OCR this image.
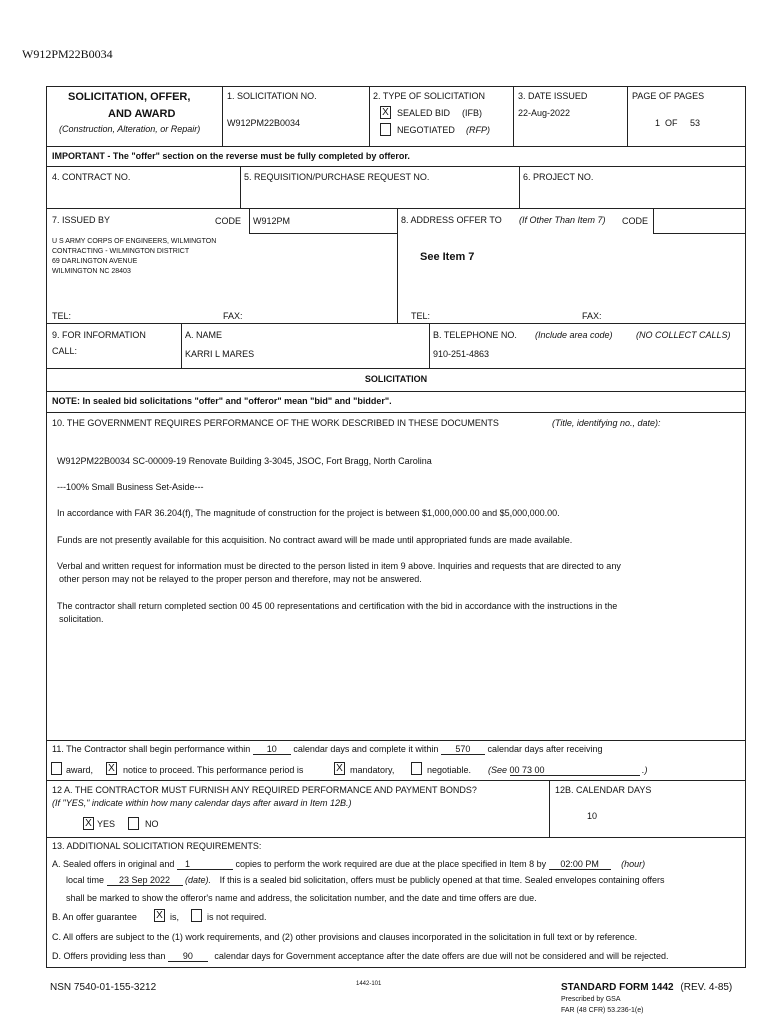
W912PM22B0034
SOLICITATION, OFFER,
AND AWARD
(Construction, Alteration, or Repair)
1. SOLICITATION NO.
W912PM22B0034
2. TYPE OF SOLICITATION
X SEALED BID (IFB)
NEGOTIATED (RFP)
3. DATE ISSUED
22-Aug-2022
PAGE OF PAGES
1  OF     53
IMPORTANT - The "offer" section on the reverse must be fully completed by offeror.
4. CONTRACT NO.	5. REQUISITION/PURCHASE REQUEST NO.	6. PROJECT NO.
7. ISSUED BY	CODE W912PM
U S ARMY CORPS OF ENGINEERS, WILMINGTON
CONTRACTING - WILMINGTON DISTRICT
69 DARLINGTON AVENUE
WILMINGTON NC 28403
TEL:	FAX:
8. ADDRESS OFFER TO (If Other Than Item 7) CODE
See Item 7
TEL:	FAX:
9. FOR INFORMATION
CALL:
A. NAME
KARRI L MARES
B. TELEPHONE NO. (Include area code)	(NO COLLECT CALLS)
910-251-4863
SOLICITATION
NOTE: In sealed bid solicitations "offer" and "offeror" mean "bid" and "bidder".
10. THE GOVERNMENT REQUIRES PERFORMANCE OF THE WORK DESCRIBED IN THESE DOCUMENTS	(Title, identifying no., date):
W912PM22B0034 SC-00009-19 Renovate Building 3-3045, JSOC, Fort Bragg, North Carolina
---100% Small Business Set-Aside---
In accordance with FAR 36.204(f), The magnitude of construction for the project is between $1,000,000.00 and $5,000,000.00.
Funds are not presently available for this acquisition. No contract award will be made until appropriated funds are made available.
Verbal and written request for information must be directed to the person listed in item 9 above. Inquiries and requests that are directed to any
other person may not be relayed to the proper person and therefore, may not be answered.
The contractor shall return completed section 00 45 00 representations and certification with the bid in accordance with the instructions in the
solicitation.
11. The Contractor shall begin performance within 10 calendar days and complete it within 570 calendar days after receiving
award, X notice to proceed. This performance period is	X mandatory,	negotiable. (See 00 73 00	.)
12 A. THE CONTRACTOR MUST FURNISH ANY REQUIRED PERFORMANCE AND PAYMENT BONDS?
(If "YES," indicate within how many calendar days after award in Item 12B.)
X YES	NO
12B. CALENDAR DAYS
10
13. ADDITIONAL SOLICITATION REQUIREMENTS:
A. Sealed offers in original and 1	copies to perform the work required are due at the place specified in Item 8 by 02:00 PM (hour)
local time 23 Sep 2022 (date). If this is a sealed bid solicitation, offers must be publicly opened at that time. Sealed envelopes containing offers
shall be marked to show the offeror's name and address, the solicitation number, and the date and time offers are due.
B. An offer guarantee X is,	is not required.
C. All offers are subject to the (1) work requirements, and (2) other provisions and clauses incorporated in the solicitation in full text or by reference.
D. Offers providing less than 90 calendar days for Government acceptance after the date offers are due will not be considered and will be rejected.
NSN 7540-01-155-3212	1442-101	STANDARD FORM 1442 (REV. 4-85)
Prescribed by GSA
FAR (48 CFR) 53.236-1(e)
